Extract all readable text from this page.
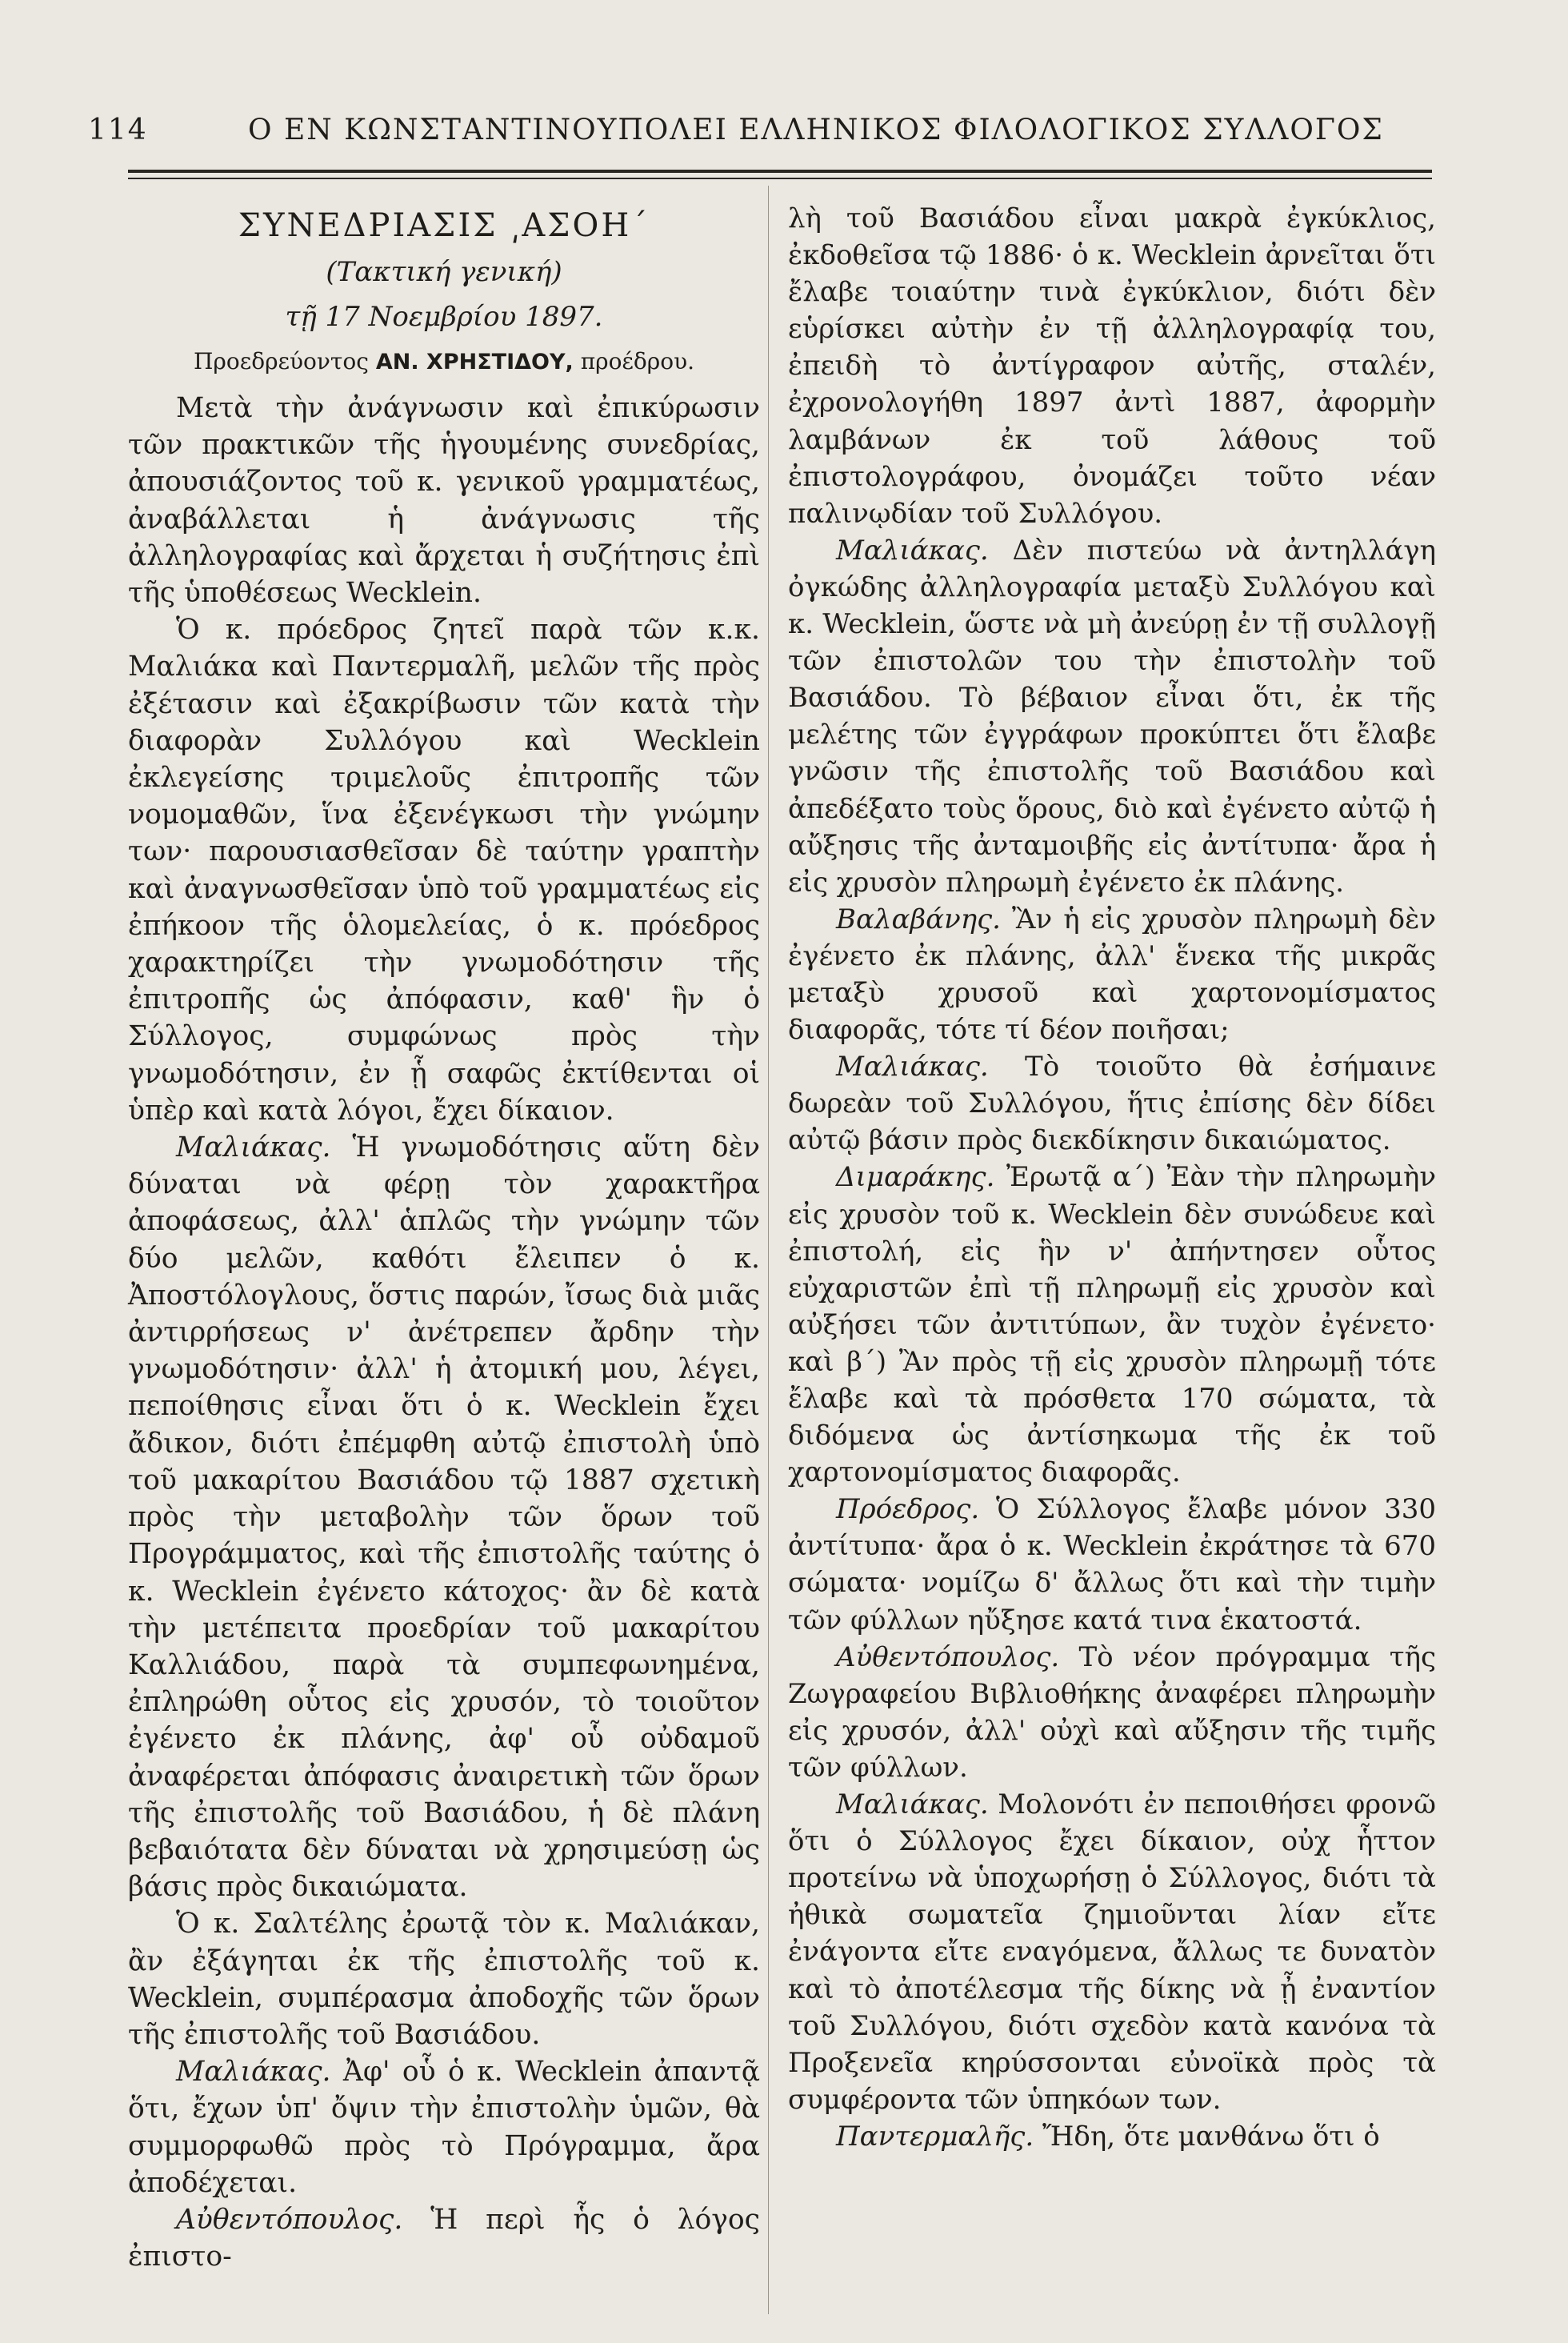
114	Ο ΕΝ ΚΩΝΣΤΑΝΤΙΝΟΥΠΟΛΕΙ ΕΛΛΗΝΙΚΟΣ ΦΙΛΟΛΟΓΙΚΟΣ ΣΥΛΛΟΓΟΣ
ΣΥΝΕΔΡΙΑΣΙΣ ͵ΑΣΟΗ΄
(Τακτική γενική)
τῇ 17 Νοεμβρίου 1897.
Προεδρεύοντος ΑΝ. ΧΡΗΣΤΙΔΟΥ, προέδρου.

Μετὰ τὴν ἀνάγνωσιν καὶ ἐπικύρωσιν τῶν πρακτικῶν τῆς ἡγουμένης συνεδρίας, ἀπουσιάζοντος τοῦ κ. γενικοῦ γραμματέως, ἀναβάλλεται ἡ ἀνάγνωσις τῆς ἀλληλογραφίας καὶ ἄρχεται ἡ συζήτησις ἐπὶ τῆς ὑποθέσεως Wecklein.

Ὁ κ. πρόεδρος ζητεῖ παρὰ τῶν κ.κ. Μαλιάκα καὶ Παντερμαλῆ, μελῶν τῆς πρὸς ἐξέτασιν καὶ ἐξακρίβωσιν τῶν κατὰ τὴν διαφορὰν Συλλόγου καὶ Wecklein ἐκλεγείσης τριμελοῦς ἐπιτροπῆς τῶν νομομαθῶν, ἵνα ἐξενέγκωσι τὴν γνώμην των· παρουσιασθεῖσαν δὲ ταύτην γραπτὴν καὶ ἀναγνωσθεῖσαν ὑπὸ τοῦ γραμματέως εἰς ἐπήκοον τῆς ὁλομελείας, ὁ κ. πρόεδρος χαρακτηρίζει τὴν γνωμοδότησιν τῆς ἐπιτροπῆς ὡς ἀπόφασιν, καθ' ἣν ὁ Σύλλογος, συμφώνως πρὸς τὴν γνωμοδότησιν, ἐν ᾗ σαφῶς ἐκτίθενται οἱ ὑπὲρ καὶ κατὰ λόγοι, ἔχει δίκαιον.

Μαλιάκας. Ἡ γνωμοδότησις αὕτη δὲν δύναται νὰ φέρῃ τὸν χαρακτῆρα ἀποφάσεως, ἀλλ' ἁπλῶς τὴν γνώμην τῶν δύο μελῶν, καθότι ἔλειπεν ὁ κ. Ἀποστόλογλους, ὅστις παρών, ἴσως διὰ μιᾶς ἀντιρρήσεως ν' ἀνέτρεπεν ἄρδην τὴν γνωμοδότησιν· ἀλλ' ἡ ἀτομική μου, λέγει, πεποίθησις εἶναι ὅτι ὁ κ. Wecklein ἔχει ἄδικον, διότι ἐπέμφθη αὐτῷ ἐπιστολὴ ὑπὸ τοῦ μακαρίτου Βασιάδου τῷ 1887 σχετικὴ πρὸς τὴν μεταβολὴν τῶν ὅρων τοῦ Προγράμματος, καὶ τῆς ἐπιστολῆς ταύτης ὁ κ. Wecklein ἐγένετο κάτοχος· ἂν δὲ κατὰ τὴν μετέπειτα προεδρίαν τοῦ μακαρίτου Καλλιάδου, παρὰ τὰ συμπεφωνημένα, ἐπληρώθη οὗτος εἰς χρυσόν, τὸ τοιοῦτον ἐγένετο ἐκ πλάνης, ἀφ' οὗ οὐδαμοῦ ἀναφέρεται ἀπόφασις ἀναιρετικὴ τῶν ὅρων τῆς ἐπιστολῆς τοῦ Βασιάδου, ἡ δὲ πλάνη βεβαιότατα δὲν δύναται νὰ χρησιμεύσῃ ὡς βάσις πρὸς δικαιώματα.

Ὁ κ. Σαλτέλης ἐρωτᾷ τὸν κ. Μαλιάκαν, ἂν ἐξάγηται ἐκ τῆς ἐπιστολῆς τοῦ κ. Wecklein, συμπέρασμα ἀποδοχῆς τῶν ὅρων τῆς ἐπιστολῆς τοῦ Βασιάδου.

Μαλιάκας. Ἀφ' οὗ ὁ κ. Wecklein ἀπαντᾷ ὅτι, ἔχων ὑπ' ὄψιν τὴν ἐπιστολὴν ὑμῶν, θὰ συμμορφωθῶ πρὸς τὸ Πρόγραμμα, ἄρα ἀποδέχεται.

Αὐθεντόπουλος. Ἡ περὶ ἧς ὁ λόγος ἐπιστο-

λὴ τοῦ Βασιάδου εἶναι μακρὰ ἐγκύκλιος, ἐκδοθεῖσα τῷ 1886· ὁ κ. Wecklein ἀρνεῖται ὅτι ἔλαβε τοιαύτην τινὰ ἐγκύκλιον, διότι δὲν εὑρίσκει αὐτὴν ἐν τῇ ἀλληλογραφίᾳ του, ἐπειδὴ τὸ ἀντίγραφον αὐτῆς, σταλέν, ἐχρονολογήθη 1897 ἀντὶ 1887, ἀφορμὴν λαμβάνων ἐκ τοῦ λάθους τοῦ ἐπιστολογράφου, ὀνομάζει τοῦτο νέαν παλινῳδίαν τοῦ Συλλόγου.

Μαλιάκας. Δὲν πιστεύω νὰ ἀντηλλάγη ὀγκώδης ἀλληλογραφία μεταξὺ Συλλόγου καὶ κ. Wecklein, ὥστε νὰ μὴ ἀνεύρῃ ἐν τῇ συλλογῇ τῶν ἐπιστολῶν του τὴν ἐπιστολὴν τοῦ Βασιάδου. Τὸ βέβαιον εἶναι ὅτι, ἐκ τῆς μελέτης τῶν ἐγγράφων προκύπτει ὅτι ἔλαβε γνῶσιν τῆς ἐπιστολῆς τοῦ Βασιάδου καὶ ἀπεδέξατο τοὺς ὅρους, διὸ καὶ ἐγένετο αὐτῷ ἡ αὔξησις τῆς ἀνταμοιβῆς εἰς ἀντίτυπα· ἄρα ἡ εἰς χρυσὸν πληρωμὴ ἐγένετο ἐκ πλάνης.

Βαλαβάνης. Ἂν ἡ εἰς χρυσὸν πληρωμὴ δὲν ἐγένετο ἐκ πλάνης, ἀλλ' ἕνεκα τῆς μικρᾶς μεταξὺ χρυσοῦ καὶ χαρτονομίσματος διαφορᾶς, τότε τί δέον ποιῆσαι;

Μαλιάκας. Τὸ τοιοῦτο θὰ ἐσήμαινε δωρεὰν τοῦ Συλλόγου, ἥτις ἐπίσης δὲν δίδει αὐτῷ βάσιν πρὸς διεκδίκησιν δικαιώματος.

Διμαράκης. Ἐρωτᾷ α΄) Ἐὰν τὴν πληρωμὴν εἰς χρυσὸν τοῦ κ. Wecklein δὲν συνώδευε καὶ ἐπιστολή, εἰς ἣν ν' ἀπήντησεν οὗτος εὐχαριστῶν ἐπὶ τῇ πληρωμῇ εἰς χρυσὸν καὶ αὐξήσει τῶν ἀντιτύπων, ἂν τυχὸν ἐγένετο· καὶ β΄) Ἂν πρὸς τῇ εἰς χρυσὸν πληρωμῇ τότε ἔλαβε καὶ τὰ πρόσθετα 170 σώματα, τὰ διδόμενα ὡς ἀντίσηκωμα τῆς ἐκ τοῦ χαρτονομίσματος διαφορᾶς.

Πρόεδρος. Ὁ Σύλλογος ἔλαβε μόνον 330 ἀντίτυπα· ἄρα ὁ κ. Wecklein ἐκράτησε τὰ 670 σώματα· νομίζω δ' ἄλλως ὅτι καὶ τὴν τιμὴν τῶν φύλλων ηὔξησε κατά τινα ἑκατοστά.

Αὐθεντόπουλος. Τὸ νέον πρόγραμμα τῆς Ζωγραφείου Βιβλιοθήκης ἀναφέρει πληρωμὴν εἰς χρυσόν, ἀλλ' οὐχὶ καὶ αὔξησιν τῆς τιμῆς τῶν φύλλων.

Μαλιάκας. Μολονότι ἐν πεποιθήσει φρονῶ ὅτι ὁ Σύλλογος ἔχει δίκαιον, οὐχ ἧττον προτείνω νὰ ὑποχωρήσῃ ὁ Σύλλογος, διότι τὰ ἠθικὰ σωματεῖα ζημιοῦνται λίαν εἴτε ἐνάγοντα εἴτε εναγόμενα, ἄλλως τε δυνατὸν καὶ τὸ ἀποτέλεσμα τῆς δίκης νὰ ᾖ ἐναντίον τοῦ Συλλόγου, διότι σχεδὸν κατὰ κανόνα τὰ Προξενεῖα κηρύσσονται εὐνοϊκὰ πρὸς τὰ συμφέροντα τῶν ὑπηκόων των.

Παντερμαλῆς. Ἤδη, ὅτε μανθάνω ὅτι ὁ
